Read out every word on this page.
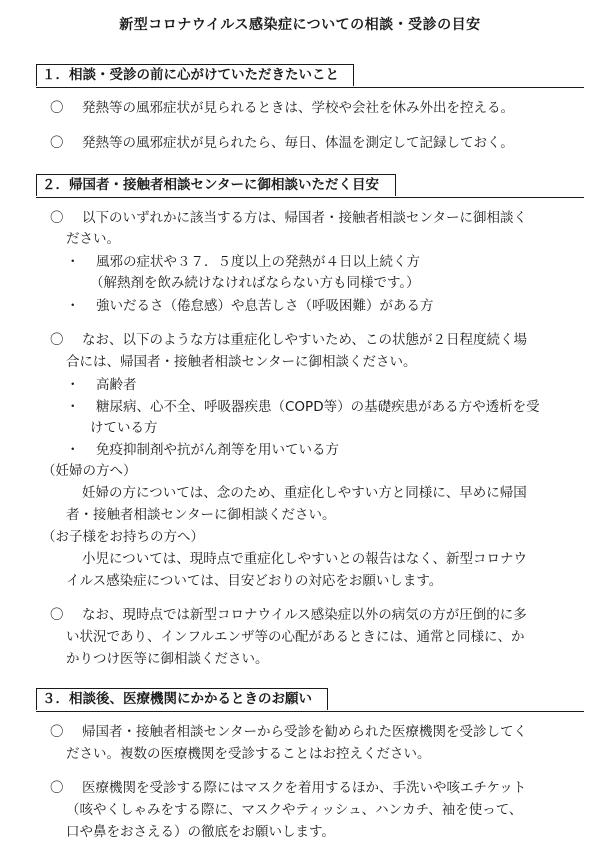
新型コロナウイルス感染症についての相談・受診の目安
１．相談・受診の前に心がけていただきたいこと
〇 発熱等の風邪症状が見られるときは、学校や会社を休み外出を控える。
〇 発熱等の風邪症状が見られたら、毎日、体温を測定して記録しておく。
２．帰国者・接触者相談センターに御相談いただく目安
〇 以下のいずれかに該当する方は、帰国者・接触者相談センターに御相談く
ださい。
・ 風邪の症状や３７．５度以上の発熱が４日以上続く方
（解熱剤を飲み続けなければならない方も同様です。）
・ 強いだるさ（倦怠感）や息苦しさ（呼吸困難）がある方
〇 なお、以下のような方は重症化しやすいため、この状態が２日程度続く場
合には、帰国者・接触者相談センターに御相談ください。
・ 高齢者
・ 糖尿病、心不全、呼吸器疾患（COPD等）の基礎疾患がある方や透析を受
けている方
・ 免疫抑制剤や抗がん剤等を用いている方
（妊婦の方へ）
妊婦の方については、念のため、重症化しやすい方と同様に、早めに帰国
者・接触者相談センターに御相談ください。
（お子様をお持ちの方へ）
小児については、現時点で重症化しやすいとの報告はなく、新型コロナウ
イルス感染症については、目安どおりの対応をお願いします。
〇 なお、現時点では新型コロナウイルス感染症以外の病気の方が圧倒的に多
い状況であり、インフルエンザ等の心配があるときには、通常と同様に、か
かりつけ医等に御相談ください。
３．相談後、医療機関にかかるときのお願い
〇 帰国者・接触者相談センターから受診を勧められた医療機関を受診してく
ださい。複数の医療機関を受診することはお控えください。
〇 医療機関を受診する際にはマスクを着用するほか、手洗いや咳エチケット
（咳やくしゃみをする際に、マスクやティッシュ、ハンカチ、袖を使って、
口や鼻をおさえる）の徹底をお願いします。
